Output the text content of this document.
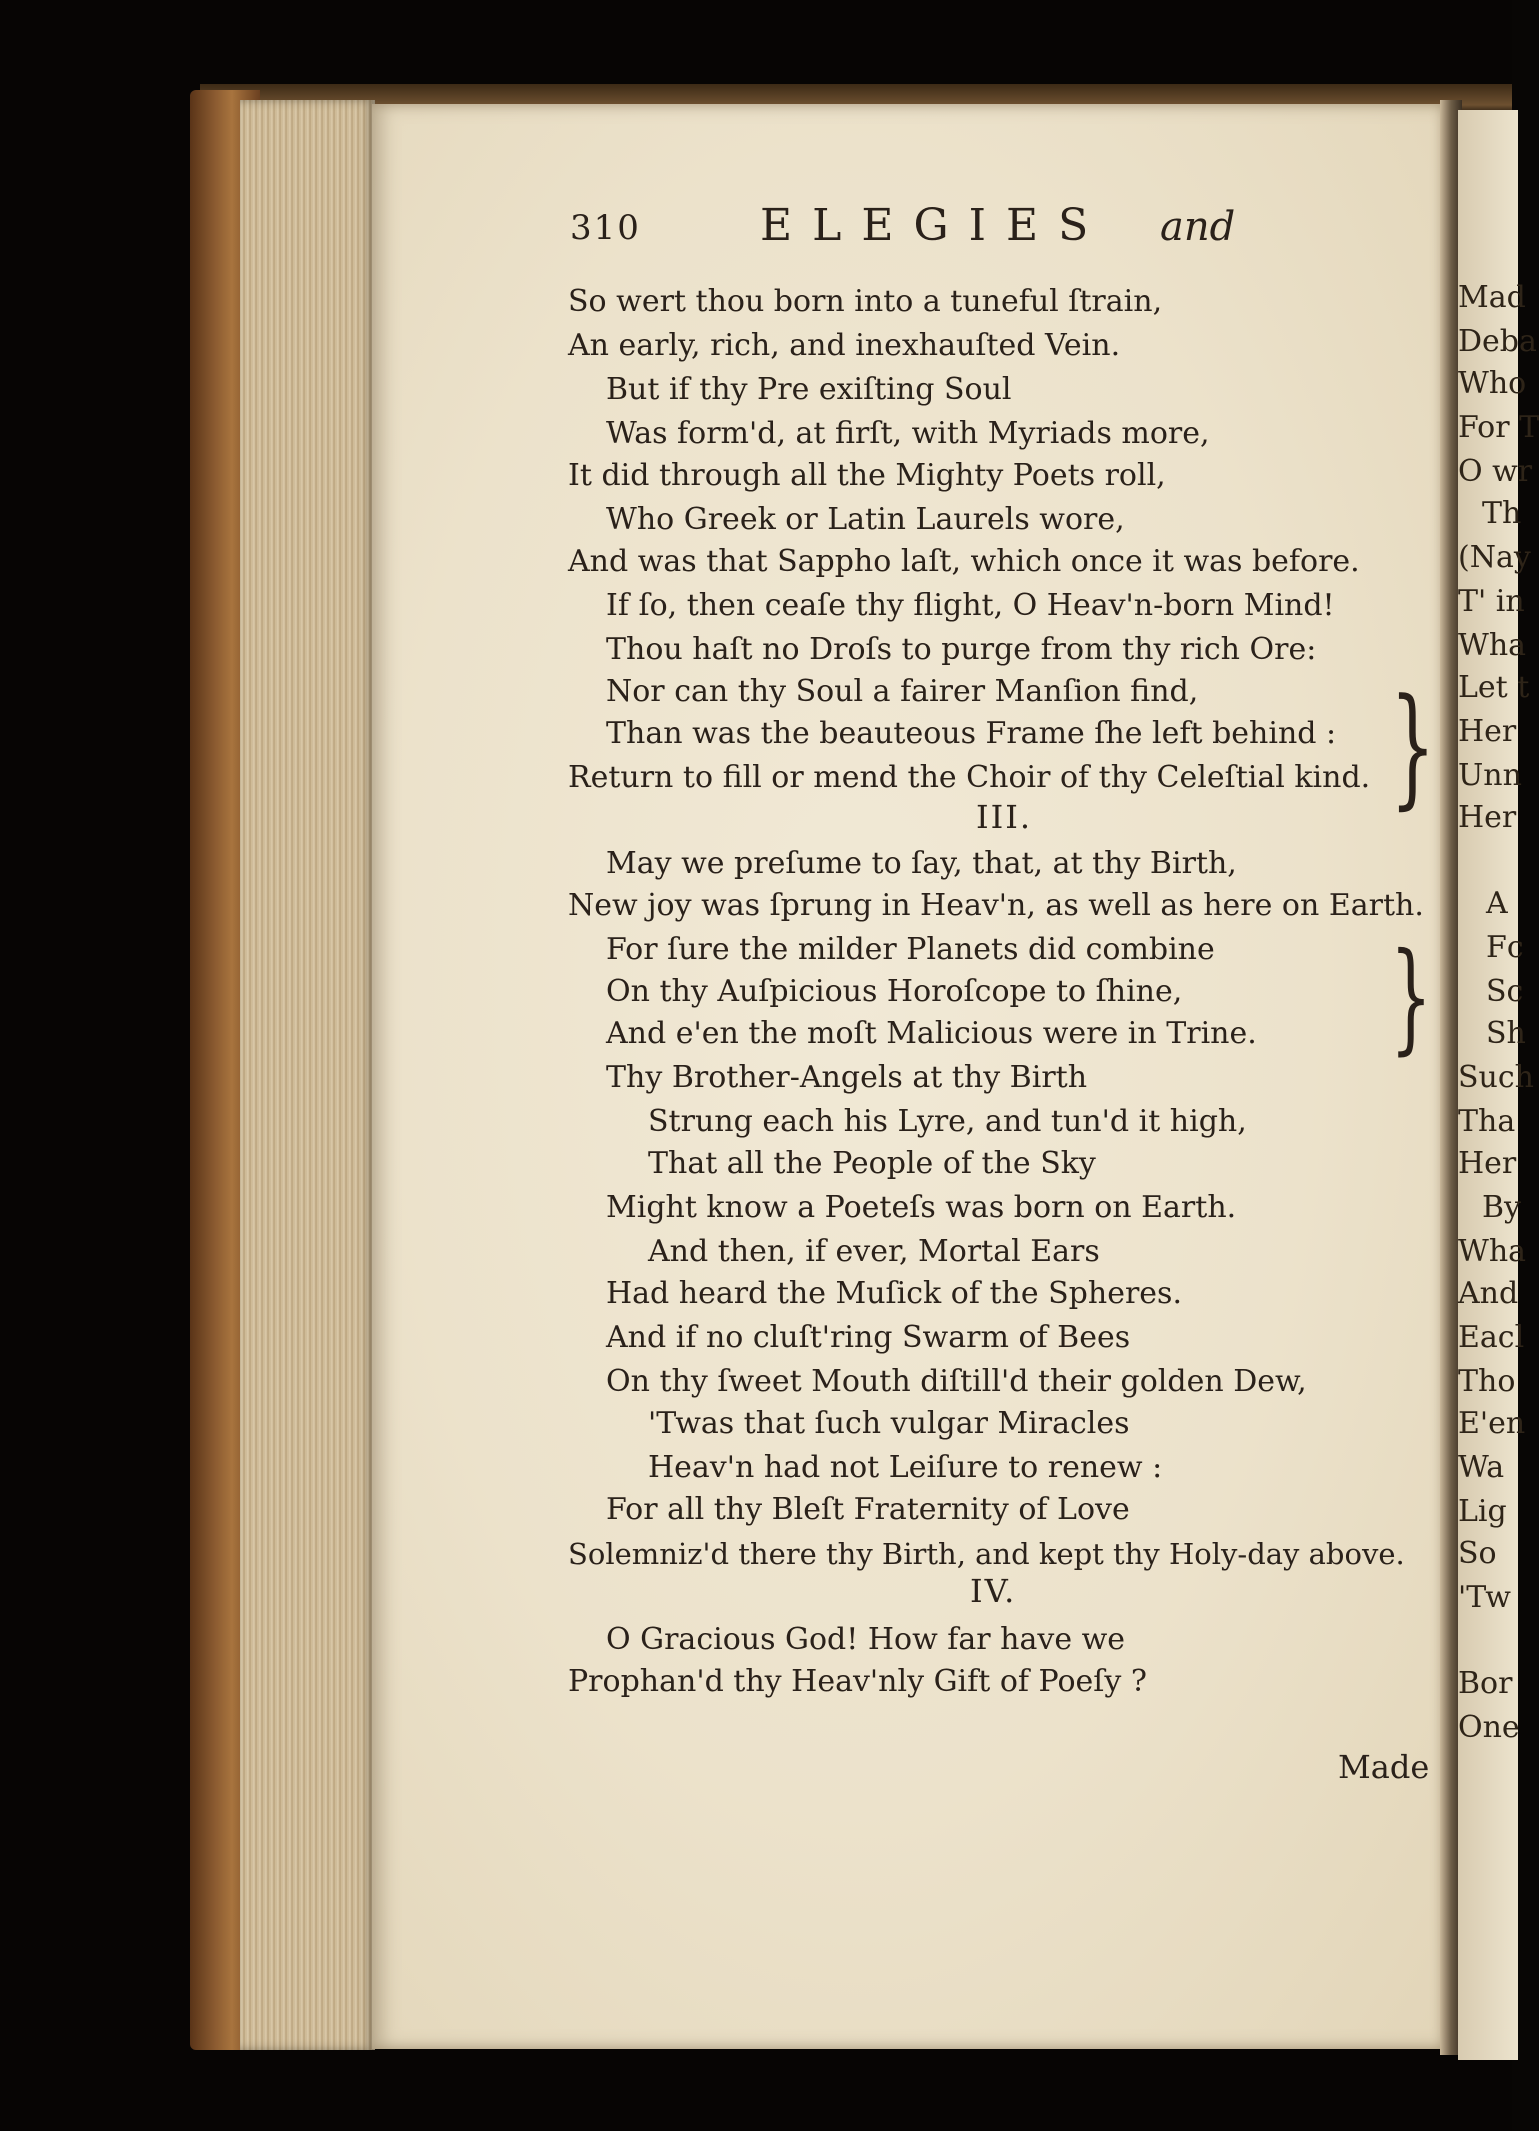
310	ELEGIES and
So wert thou born into a tuneful ſtrain,
An early, rich, and inexhauſted Vein.
But if thy Pre exiſting Soul
Was form'd, at firſt, with Myriads more,
It did through all the Mighty Poets roll,
Who Greek or Latin Laurels wore,
And was that Sappho laſt, which once it was before.
If ſo, then ceaſe thy flight, O Heav'n-born Mind!
Thou haſt no Droſs to purge from thy rich Ore:
Nor can thy Soul a fairer Manſion find,
Than was the beauteous Frame ſhe left behind :
Return to fill or mend the Choir of thy Celeſtial kind. }
III.
May we preſume to ſay, that, at thy Birth,
New joy was ſprung in Heav'n, as well as here on Earth.
For ſure the milder Planets did combine
On thy Auſpicious Horoſcope to ſhine,
And e'en the moſt Malicious were in Trine. }
Thy Brother-Angels at thy Birth
Strung each his Lyre, and tun'd it high,
That all the People of the Sky
Might know a Poeteſs was born on Earth.
And then, if ever, Mortal Ears
Had heard the Muſick of the Spheres.
And if no cluſt'ring Swarm of Bees
On thy ſweet Mouth diſtill'd their golden Dew,
'Twas that ſuch vulgar Miracles
Heav'n had not Leiſure to renew :
For all thy Bleſt Fraternity of Love
Solemniz'd there thy Birth, and kept thy Holy-day above.
IV.
O Gracious God! How far have we
Prophan'd thy Heav'nly Gift of Poeſy ?
Made
Mad
Deba
Who
For T
O wr
Th
(Nay
T' in
Wha
Let t
Her
Unn
Her
A
Fc
Sc
Sh
Such
Tha
Her
By
Wha
And
Eacl
Tho
E'en
Wa
Lig
So
'Tw
Bor
One
